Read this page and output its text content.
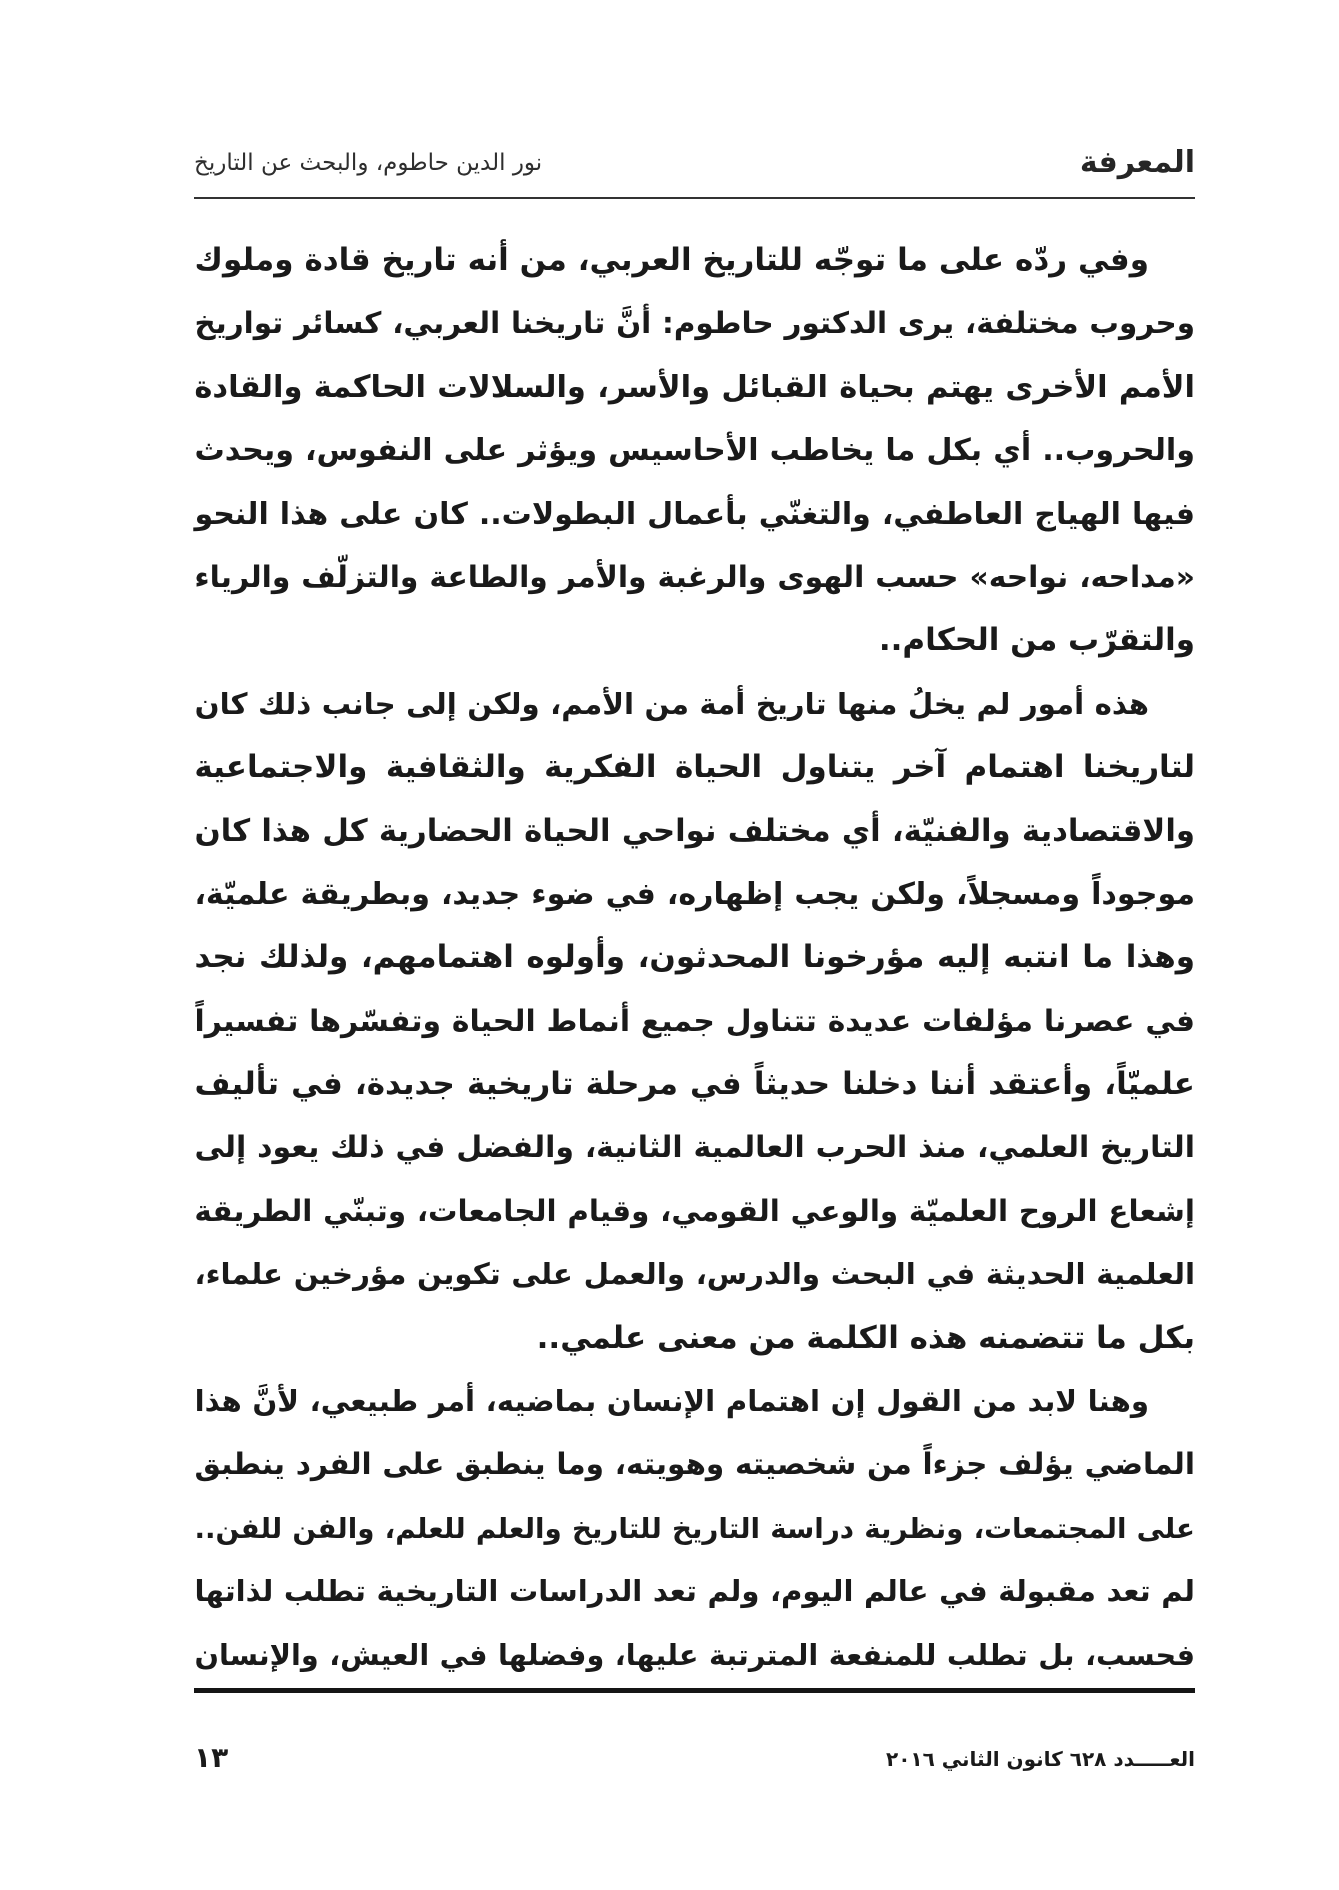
نور الدين حاطوم، والبحث عن التاريخ	المعرفة
وفي ردّه على ما توجّه للتاريخ العربي، من أنه تاريخ قادة وملوك
وحروب مختلفة، يرى الدكتور حاطوم: أنَّ تاريخنا العربي، كسائر تواريخ
الأمم الأخرى يهتم بحياة القبائل والأسر، والسلالات الحاكمة والقادة
والحروب.. أي بكل ما يخاطب الأحاسيس ويؤثر على النفوس، ويحدث
فيها الهياج العاطفي، والتغنّي بأعمال البطولات.. كان على هذا النحو
«مداحه، نواحه» حسب الهوى والرغبة والأمر والطاعة والتزلّف والرياء
والتقرّب من الحكام..
هذه أمور لم يخلُ منها تاريخ أمة من الأمم، ولكن إلى جانب ذلك كان
لتاريخنا اهتمام آخر يتناول الحياة الفكرية والثقافية والاجتماعية
والاقتصادية والفنيّة، أي مختلف نواحي الحياة الحضارية كل هذا كان
موجوداً ومسجلاً، ولكن يجب إظهاره، في ضوء جديد، وبطريقة علميّة،
وهذا ما انتبه إليه مؤرخونا المحدثون، وأولوه اهتمامهم، ولذلك نجد
في عصرنا مؤلفات عديدة تتناول جميع أنماط الحياة وتفسّرها تفسيراً
علميّاً، وأعتقد أننا دخلنا حديثاً في مرحلة تاريخية جديدة، في تأليف
التاريخ العلمي، منذ الحرب العالمية الثانية، والفضل في ذلك يعود إلى
إشعاع الروح العلميّة والوعي القومي، وقيام الجامعات، وتبنّي الطريقة
العلمية الحديثة في البحث والدرس، والعمل على تكوين مؤرخين علماء،
بكل ما تتضمنه هذه الكلمة من معنى علمي..
وهنا لابد من القول إن اهتمام الإنسان بماضيه، أمر طبيعي، لأنَّ هذا
الماضي يؤلف جزءاً من شخصيته وهويته، وما ينطبق على الفرد ينطبق
على المجتمعات، ونظرية دراسة التاريخ للتاريخ والعلم للعلم، والفن للفن..
لم تعد مقبولة في عالم اليوم، ولم تعد الدراسات التاريخية تطلب لذاتها
فحسب، بل تطلب للمنفعة المترتبة عليها، وفضلها في العيش، والإنسان
١٣	العـــــدد ٦٢٨ كانون الثاني ٢٠١٦
